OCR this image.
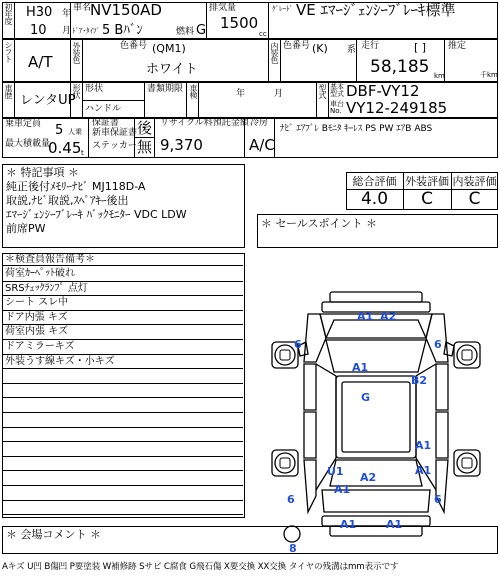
初年度 H30 年
10 月
車名
NV150AD
ﾄﾞｱ･ﾀｲﾌﾟ 5 Bﾊﾞﾝ	燃料 G
排気量
1500
cc
ｸﾞﾚｰﾄﾞ VE ｴﾏｰｼﾞｪﾝｼｰﾌﾞﾚｰｷ標準
シフト A/T 外装色	色番号 (QM1)
ホワイト
内装色 色番号 (K) 系 走行	[ ]
58,185 km
推定
千km
車歴
レンタUP
形状 形状
ハンドル
書類期限 車検	年	月	型式 基本型式 DBF-VY12
車台No. VY12-249185
乗車定員 5 人乗
最大積載量
0.45 t
保証書
新車保証書
ステッカー
後
無
リサイクル料預託金額
9,370
冷房
A/C
ﾅﾋﾞ ｴｱﾌﾞﾚ Bﾓﾆﾀ ｷｰﾚｽ PS PW ｴｱB ABS
＊ 特記事項 ＊
純正後付ﾒﾓﾘｰﾅﾋﾞ MJ118D-A
取説,ﾅﾋﾞ取説,ｽﾍﾟｱｷｰ後出
ｴﾏｰｼﾞｪﾝｼｰﾌﾞﾚｰｷ ﾊﾞｯｸﾓﾆﾀｰ VDC LDW
前席PW
総合評価 外装評価 内装評価
4.0	C	C
＊ セールスポイント ＊
＊検査員報告備考＊
荷室ｶｰﾍﾟｯﾄ破れ
SRSﾁｪｯｸﾗﾝﾌﾟ 点灯
シート スレ中
ドア内張 キズ
荷室内張 キズ
ドアミラーキズ
外装うす線キズ・小キズ
＊ 会場コメント ＊
Aキズ U凹 B傷凹 P要塗装 W補修跡 Sサビ C腐食 G飛石傷 X要交換 XX交換 タイヤの残溝はmm表示です
A1 A2
6	6
A1
B2
G
A1
A1
U1 A2
A1
6	6
A1	A1
8
